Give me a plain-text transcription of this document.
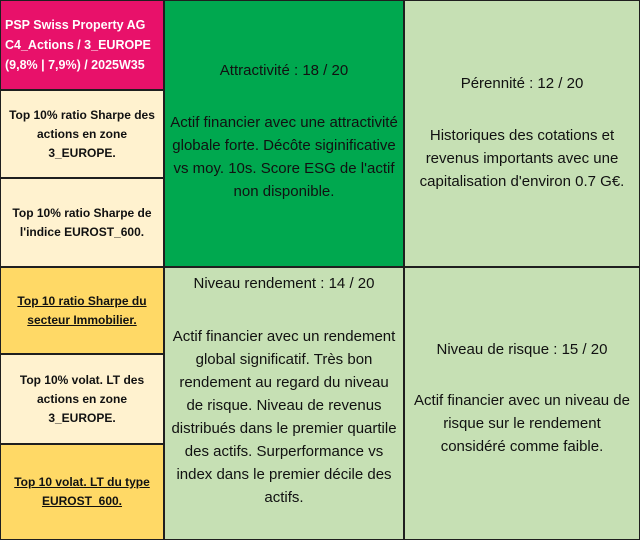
PSP Swiss Property AG
C4_Actions / 3_EUROPE
(9,8% | 7,9%) / 2025W35
Top 10% ratio Sharpe des actions en zone 3_EUROPE.
Top 10% ratio Sharpe de l'indice EUROST_600.
Top 10 ratio Sharpe du secteur Immobilier.
Top 10% volat. LT des actions en zone 3_EUROPE.
Top 10 volat. LT du type EUROST_600.
Attractivité : 18 / 20
Actif financier avec une attractivité globale forte. Décôte siginificative vs moy. 10s. Score ESG de l'actif non disponible.
Pérennité : 12 / 20
Historiques des cotations et revenus importants avec une capitalisation d'environ 0.7 G€.
Niveau rendement : 14 / 20
Actif financier avec un rendement global significatif. Très bon rendement au regard du niveau de risque. Niveau de revenus distribués dans le premier quartile des actifs. Surperformance vs index dans le premier décile des actifs.
Niveau de risque : 15 / 20
Actif financier avec un niveau de risque sur le rendement considéré comme faible.
